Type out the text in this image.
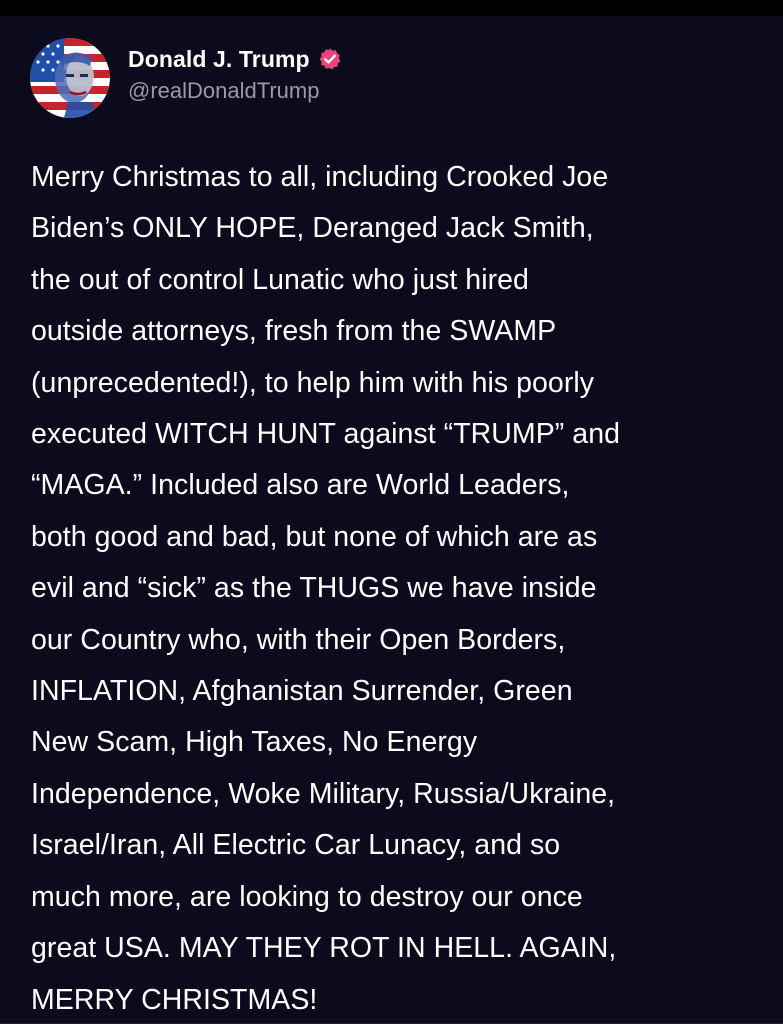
Donald J. Trump
@realDonaldTrump
Merry Christmas to all, including Crooked Joe
Biden’s ONLY HOPE, Deranged Jack Smith,
the out of control Lunatic who just hired
outside attorneys, fresh from the SWAMP
(unprecedented!), to help him with his poorly
executed WITCH HUNT against “TRUMP” and
“MAGA.” Included also are World Leaders,
both good and bad, but none of which are as
evil and “sick” as the THUGS we have inside
our Country who, with their Open Borders,
INFLATION, Afghanistan Surrender, Green
New Scam, High Taxes, No Energy
Independence, Woke Military, Russia/Ukraine,
Israel/Iran, All Electric Car Lunacy, and so
much more, are looking to destroy our once
great USA. MAY THEY ROT IN HELL. AGAIN,
MERRY CHRISTMAS!
